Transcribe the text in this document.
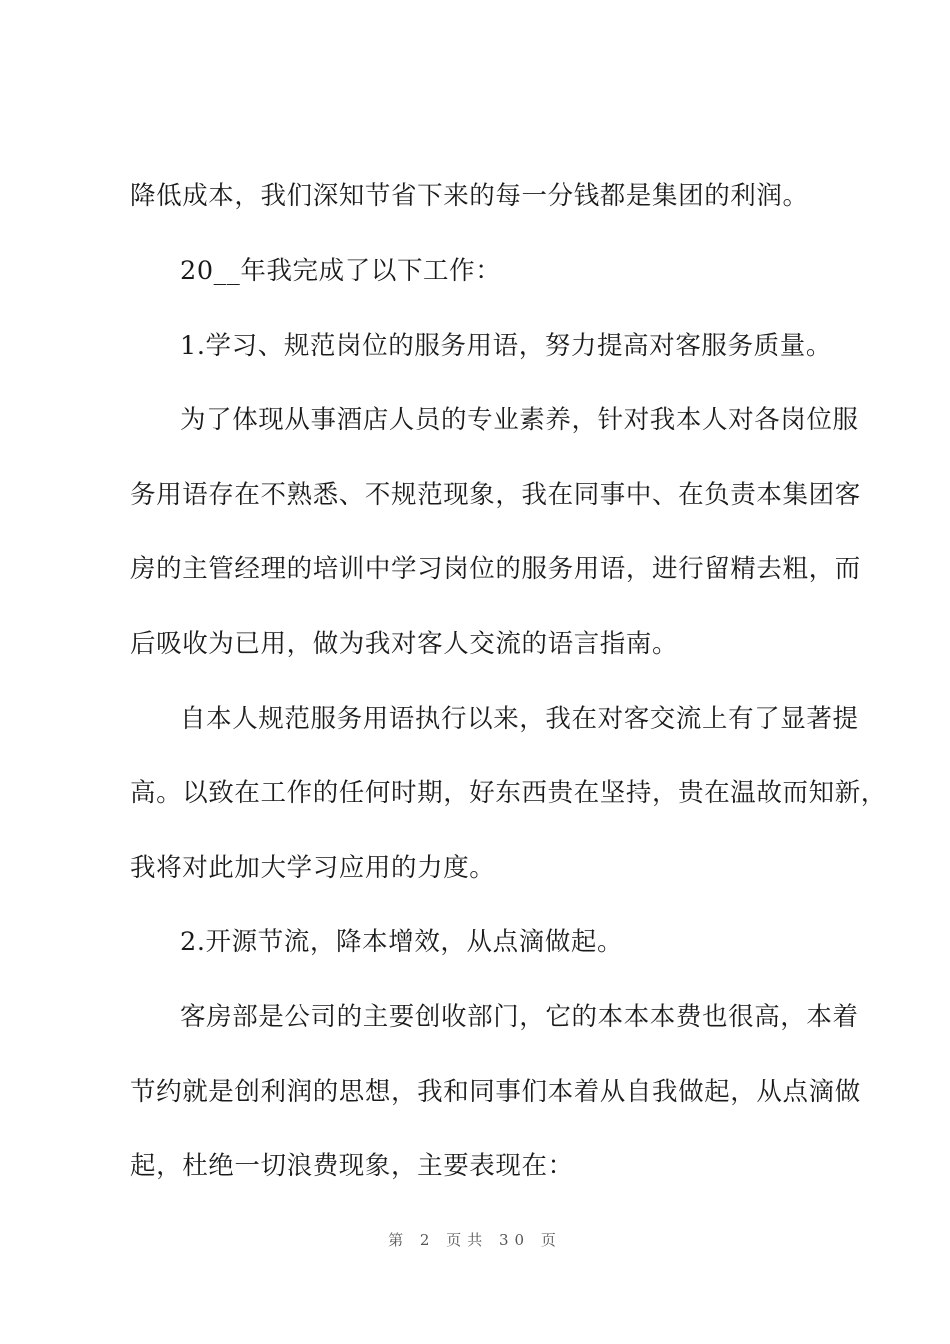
降低成本，我们深知节省下来的每一分钱都是集团的利润。
20__年我完成了以下工作：
1.学习、规范岗位的服务用语，努力提高对客服务质量。
为了体现从事酒店人员的专业素养，针对我本人对各岗位服
务用语存在不熟悉、不规范现象，我在同事中、在负责本集团客
房的主管经理的培训中学习岗位的服务用语，进行留精去粗，而
后吸收为已用，做为我对客人交流的语言指南。
自本人规范服务用语执行以来，我在对客交流上有了显著提
高。以致在工作的任何时期，好东西贵在坚持，贵在温故而知新，
我将对此加大学习应用的力度。
2.开源节流，降本增效，从点滴做起。
客房部是公司的主要创收部门，它的本本本费也很高，本着
节约就是创利润的思想，我和同事们本着从自我做起，从点滴做
起，杜绝一切浪费现象，主要表现在：
第 2 页共 30 页
